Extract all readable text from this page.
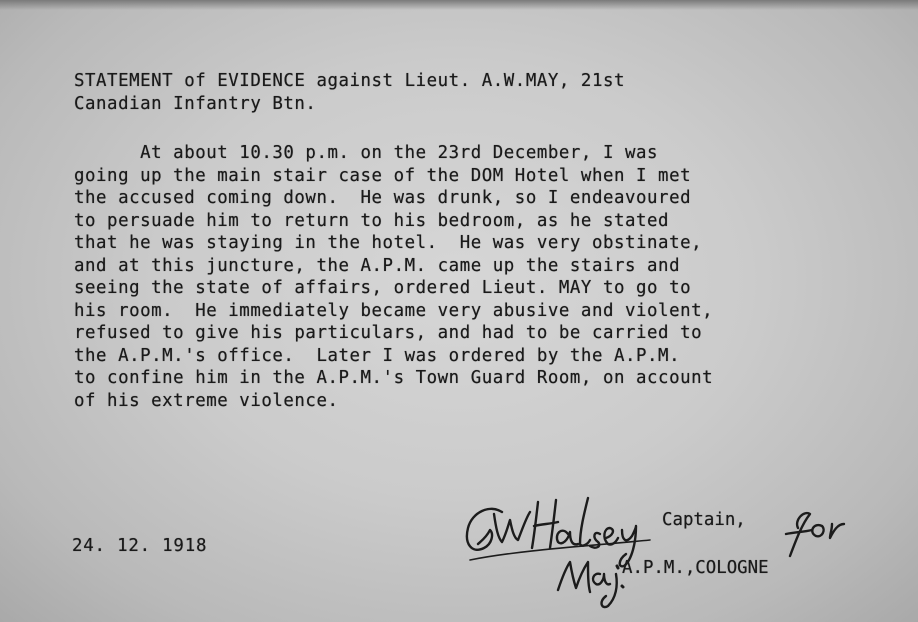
STATEMENT of EVIDENCE against Lieut. A.W.MAY, 21st
Canadian Infantry Btn.
At about 10.30 p.m. on the 23rd December, I was
going up the main stair case of the DOM Hotel when I met
the accused coming down.  He was drunk, so I endeavoured
to persuade him to return to his bedroom, as he stated
that he was staying in the hotel.  He was very obstinate,
and at this juncture, the A.P.M. came up the stairs and
seeing the state of affairs, ordered Lieut. MAY to go to
his room.  He immediately became very abusive and violent,
refused to give his particulars, and had to be carried to
the A.P.M.'s office.  Later I was ordered by the A.P.M.
to confine him in the A.P.M.'s Town Guard Room, on account
of his extreme violence.
24. 12. 1918
Captain,
A.P.M.,COLOGNE
